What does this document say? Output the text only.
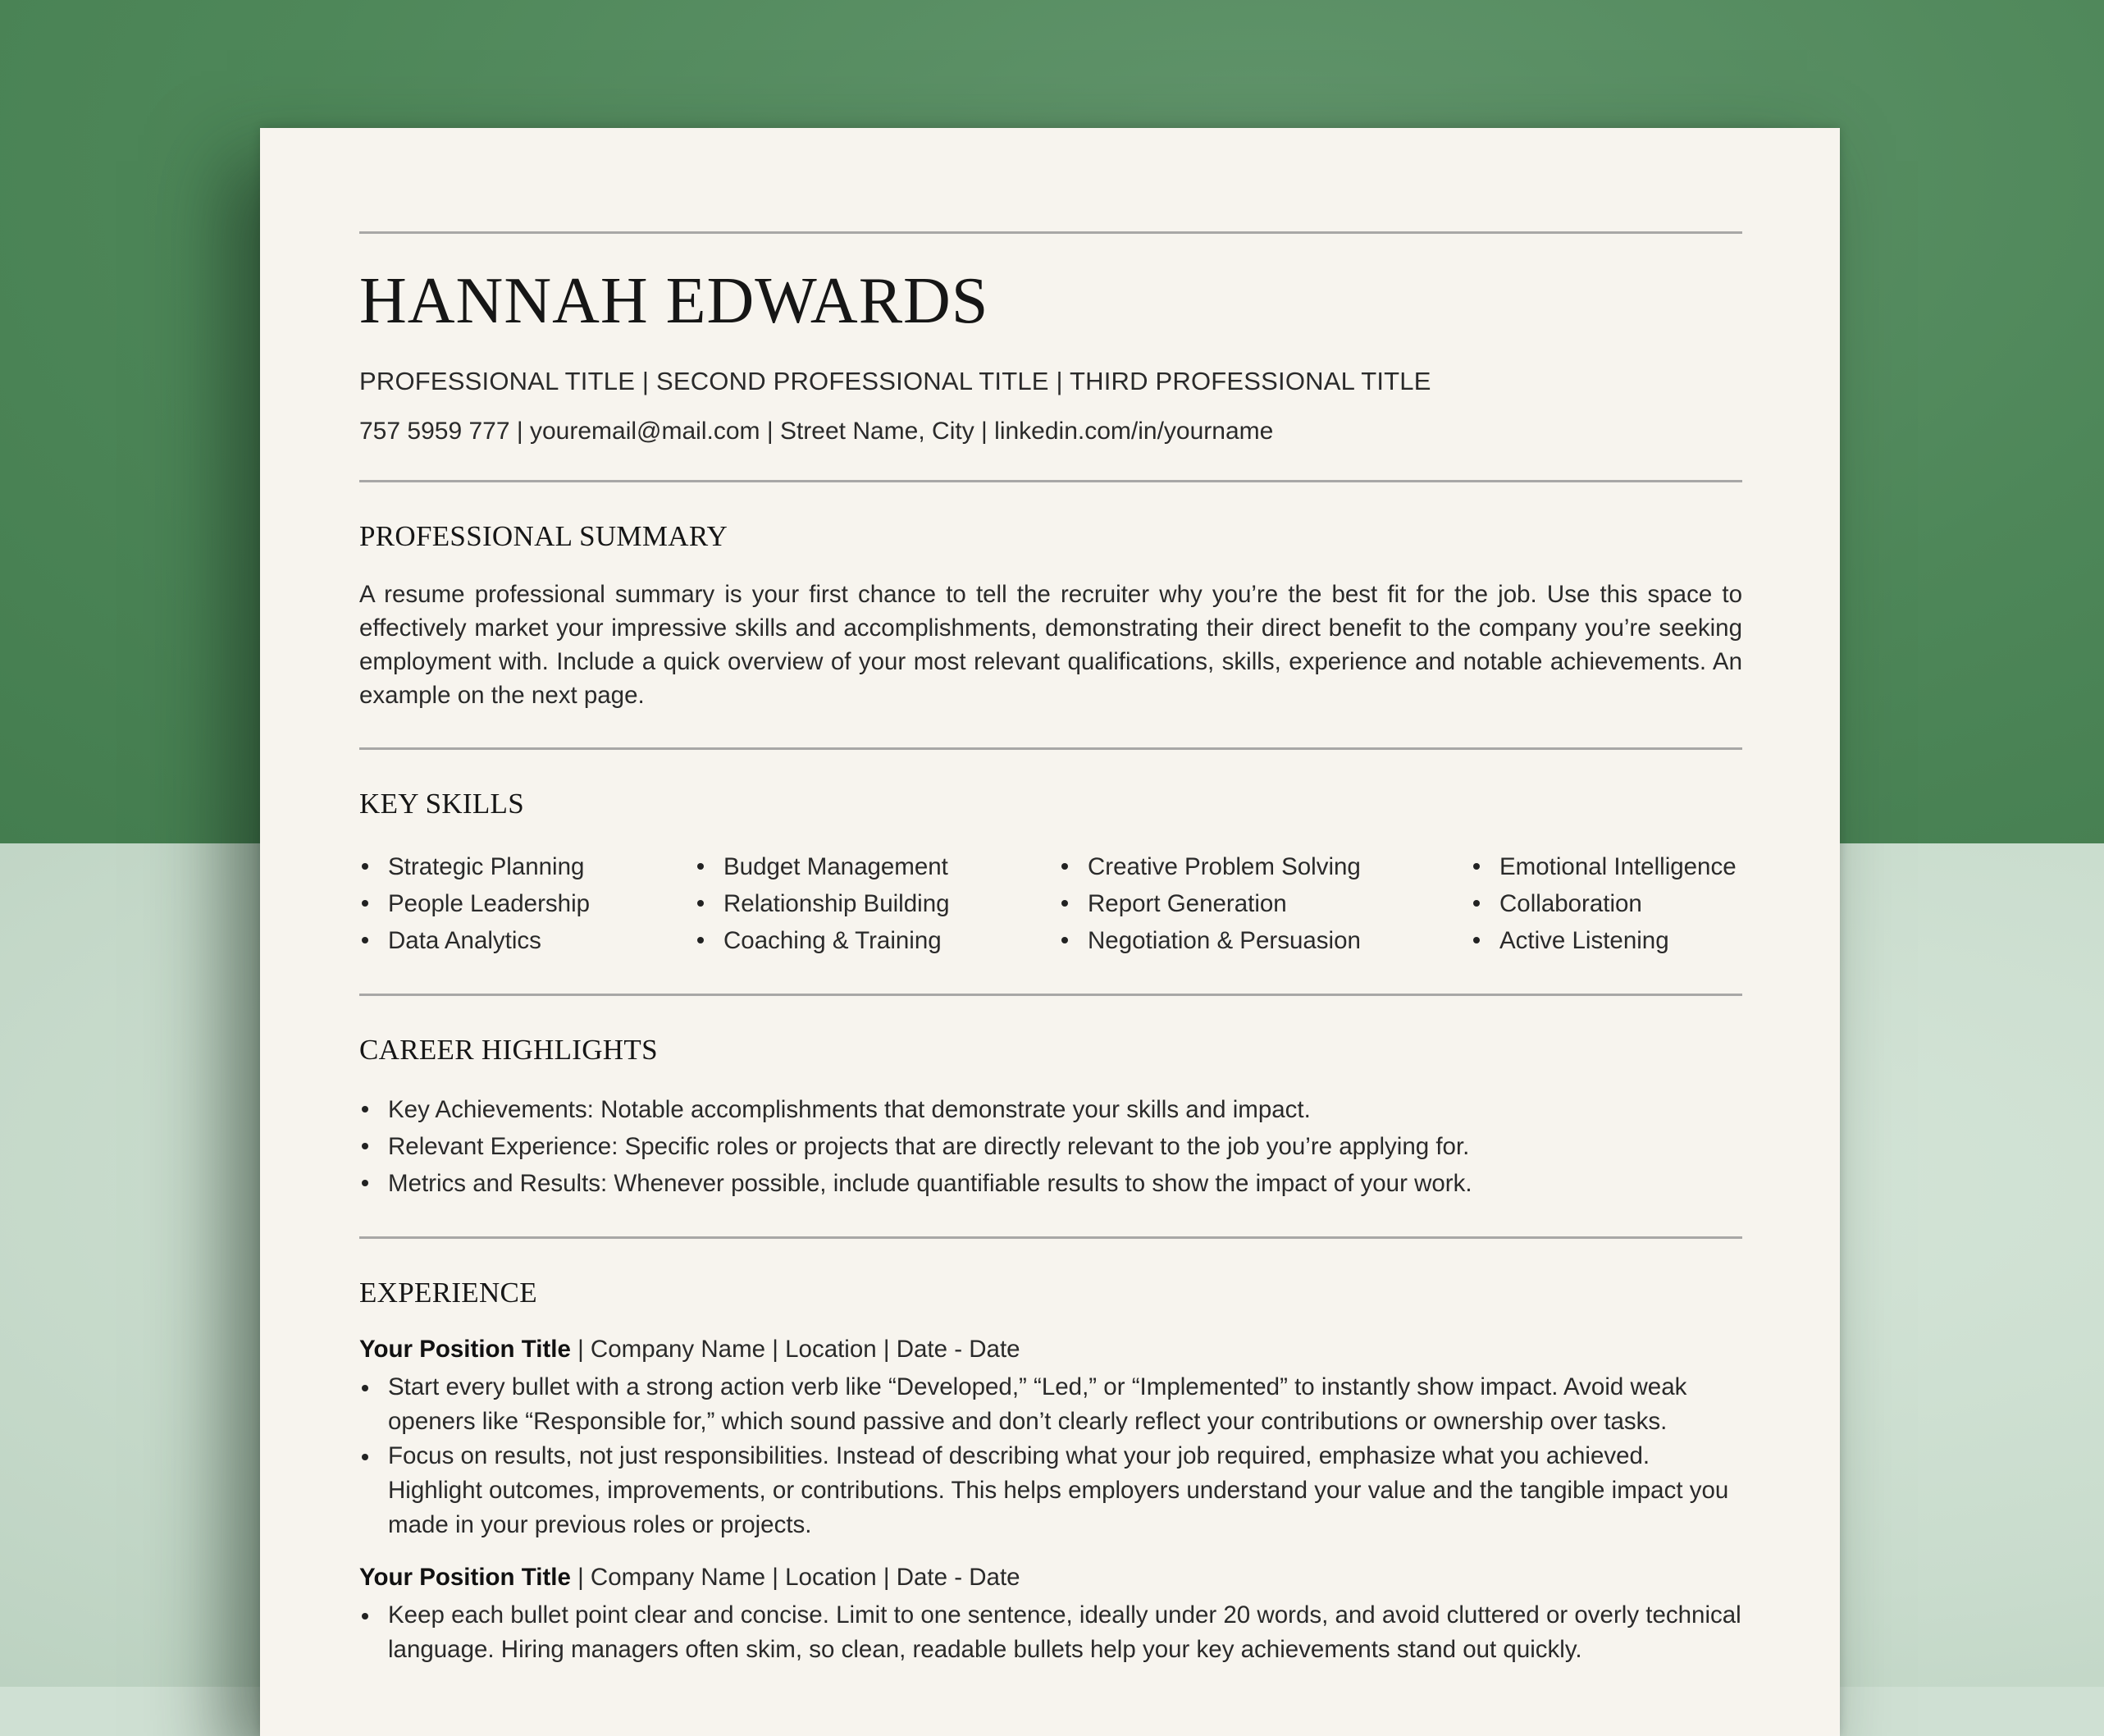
HANNAH EDWARDS
PROFESSIONAL TITLE | SECOND PROFESSIONAL TITLE | THIRD PROFESSIONAL TITLE
757 5959 777 | youremail@mail.com | Street Name, City | linkedin.com/in/yourname
PROFESSIONAL SUMMARY
A resume professional summary is your first chance to tell the recruiter why you’re the best fit for the job. Use this space to effectively market your impressive skills and accomplishments, demonstrating their direct benefit to the company you’re seeking employment with. Include a quick overview of your most relevant qualifications, skills, experience and notable achievements. An example on the next page.
KEY SKILLS
Strategic Planning
People Leadership
Data Analytics
Budget Management
Relationship Building
Coaching & Training
Creative Problem Solving
Report Generation
Negotiation & Persuasion
Emotional Intelligence
Collaboration
Active Listening
CAREER HIGHLIGHTS
Key Achievements: Notable accomplishments that demonstrate your skills and impact.
Relevant Experience: Specific roles or projects that are directly relevant to the job you’re applying for.
Metrics and Results: Whenever possible, include quantifiable results to show the impact of your work.
EXPERIENCE
Your Position Title | Company Name | Location | Date - Date
Start every bullet with a strong action verb like “Developed,” “Led,” or “Implemented” to instantly show impact. Avoid weak openers like “Responsible for,” which sound passive and don’t clearly reflect your contributions or ownership over tasks.
Focus on results, not just responsibilities. Instead of describing what your job required, emphasize what you achieved. Highlight outcomes, improvements, or contributions. This helps employers understand your value and the tangible impact you made in your previous roles or projects.
Your Position Title | Company Name | Location | Date - Date
Keep each bullet point clear and concise. Limit to one sentence, ideally under 20 words, and avoid cluttered or overly technical language. Hiring managers often skim, so clean, readable bullets help your key achievements stand out quickly.
